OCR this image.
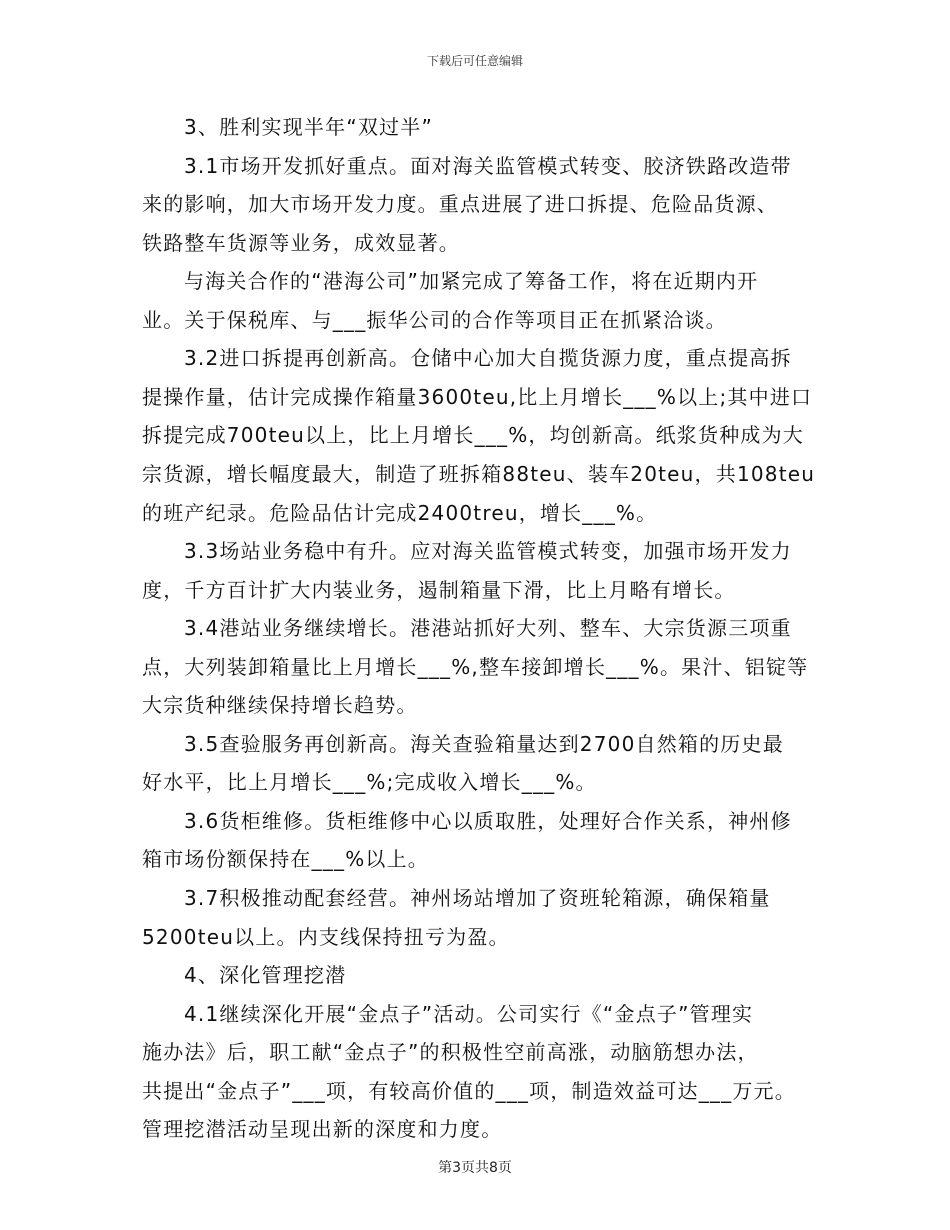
下载后可任意编辑
3、胜利实现半年“双过半”
3.1市场开发抓好重点。面对海关监管模式转变、胶济铁路改造带
来的影响，加大市场开发力度。重点进展了进口拆提、危险品货源、
铁路整车货源等业务，成效显著。
与海关合作的“港海公司”加紧完成了筹备工作，将在近期内开
业。关于保税库、与___振华公司的合作等项目正在抓紧洽谈。
3.2进口拆提再创新高。仓储中心加大自揽货源力度，重点提高拆
提操作量，估计完成操作箱量3600teu,比上月增长___%以上;其中进口
拆提完成700teu以上，比上月增长___%，均创新高。纸浆货种成为大
宗货源，增长幅度最大，制造了班拆箱88teu、装车20teu，共108teu
的班产纪录。危险品估计完成2400treu，增长___%。
3.3场站业务稳中有升。应对海关监管模式转变，加强市场开发力
度，千方百计扩大内装业务，遏制箱量下滑，比上月略有增长。
3.4港站业务继续增长。港港站抓好大列、整车、大宗货源三项重
点，大列装卸箱量比上月增长___%,整车接卸增长___%。果汁、铝锭等
大宗货种继续保持增长趋势。
3.5查验服务再创新高。海关查验箱量达到2700自然箱的历史最
好水平，比上月增长___%;完成收入增长___%。
3.6货柜维修。货柜维修中心以质取胜，处理好合作关系，神州修
箱市场份额保持在___%以上。
3.7积极推动配套经营。神州场站增加了资班轮箱源，确保箱量
5200teu以上。内支线保持扭亏为盈。
4、深化管理挖潜
4.1继续深化开展“金点子”活动。公司实行《“金点子”管理实
施办法》后，职工献“金点子”的积极性空前高涨，动脑筋想办法，
共提出“金点子”___项，有较高价值的___项，制造效益可达___万元。
管理挖潜活动呈现出新的深度和力度。
第3页共8页
